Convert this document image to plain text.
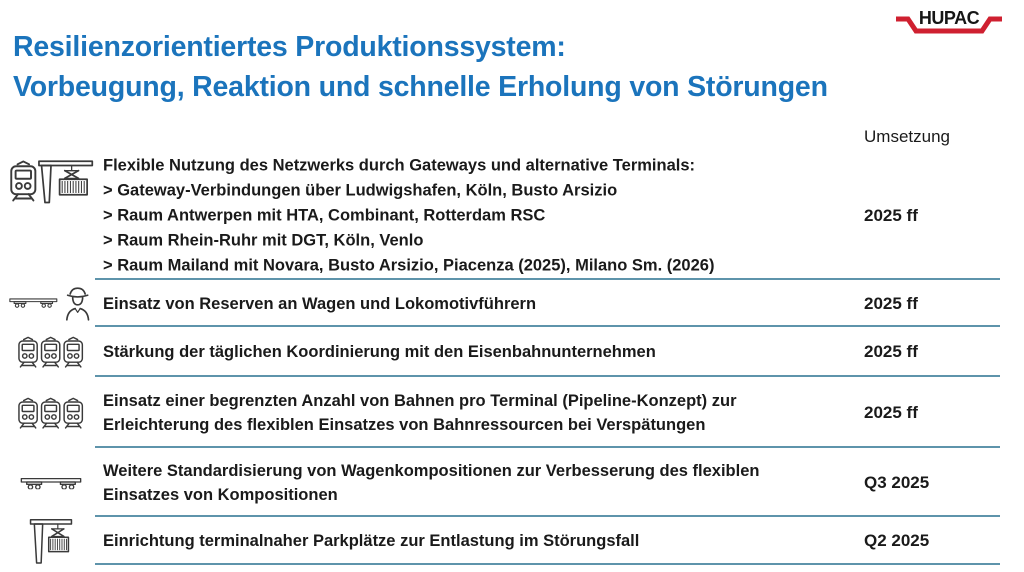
HUPAC
Resilienzorientiertes Produktionssystem:
Vorbeugung, Reaktion und schnelle Erholung von Störungen
Umsetzung
Flexible Nutzung des Netzwerks durch Gateways und alternative Terminals:
> Gateway-Verbindungen über Ludwigshafen, Köln, Busto Arsizio
> Raum Antwerpen mit HTA, Combinant, Rotterdam RSC
> Raum Rhein-Ruhr mit DGT, Köln, Venlo
> Raum Mailand mit Novara, Busto Arsizio, Piacenza (2025), Milano Sm. (2026)
2025 ff
Einsatz von Reserven an Wagen und Lokomotivführern	2025 ff
Stärkung der täglichen Koordinierung mit den Eisenbahnunternehmen	2025 ff
Einsatz einer begrenzten Anzahl von Bahnen pro Terminal (Pipeline-Konzept) zur Erleichterung des flexiblen Einsatzes von Bahnressourcen bei Verspätungen
2025 ff
Weitere Standardisierung von Wagenkompositionen zur Verbesserung des flexiblen Einsatzes von Kompositionen
Q3 2025
Einrichtung terminalnaher Parkplätze zur Entlastung im Störungsfall	Q2 2025
